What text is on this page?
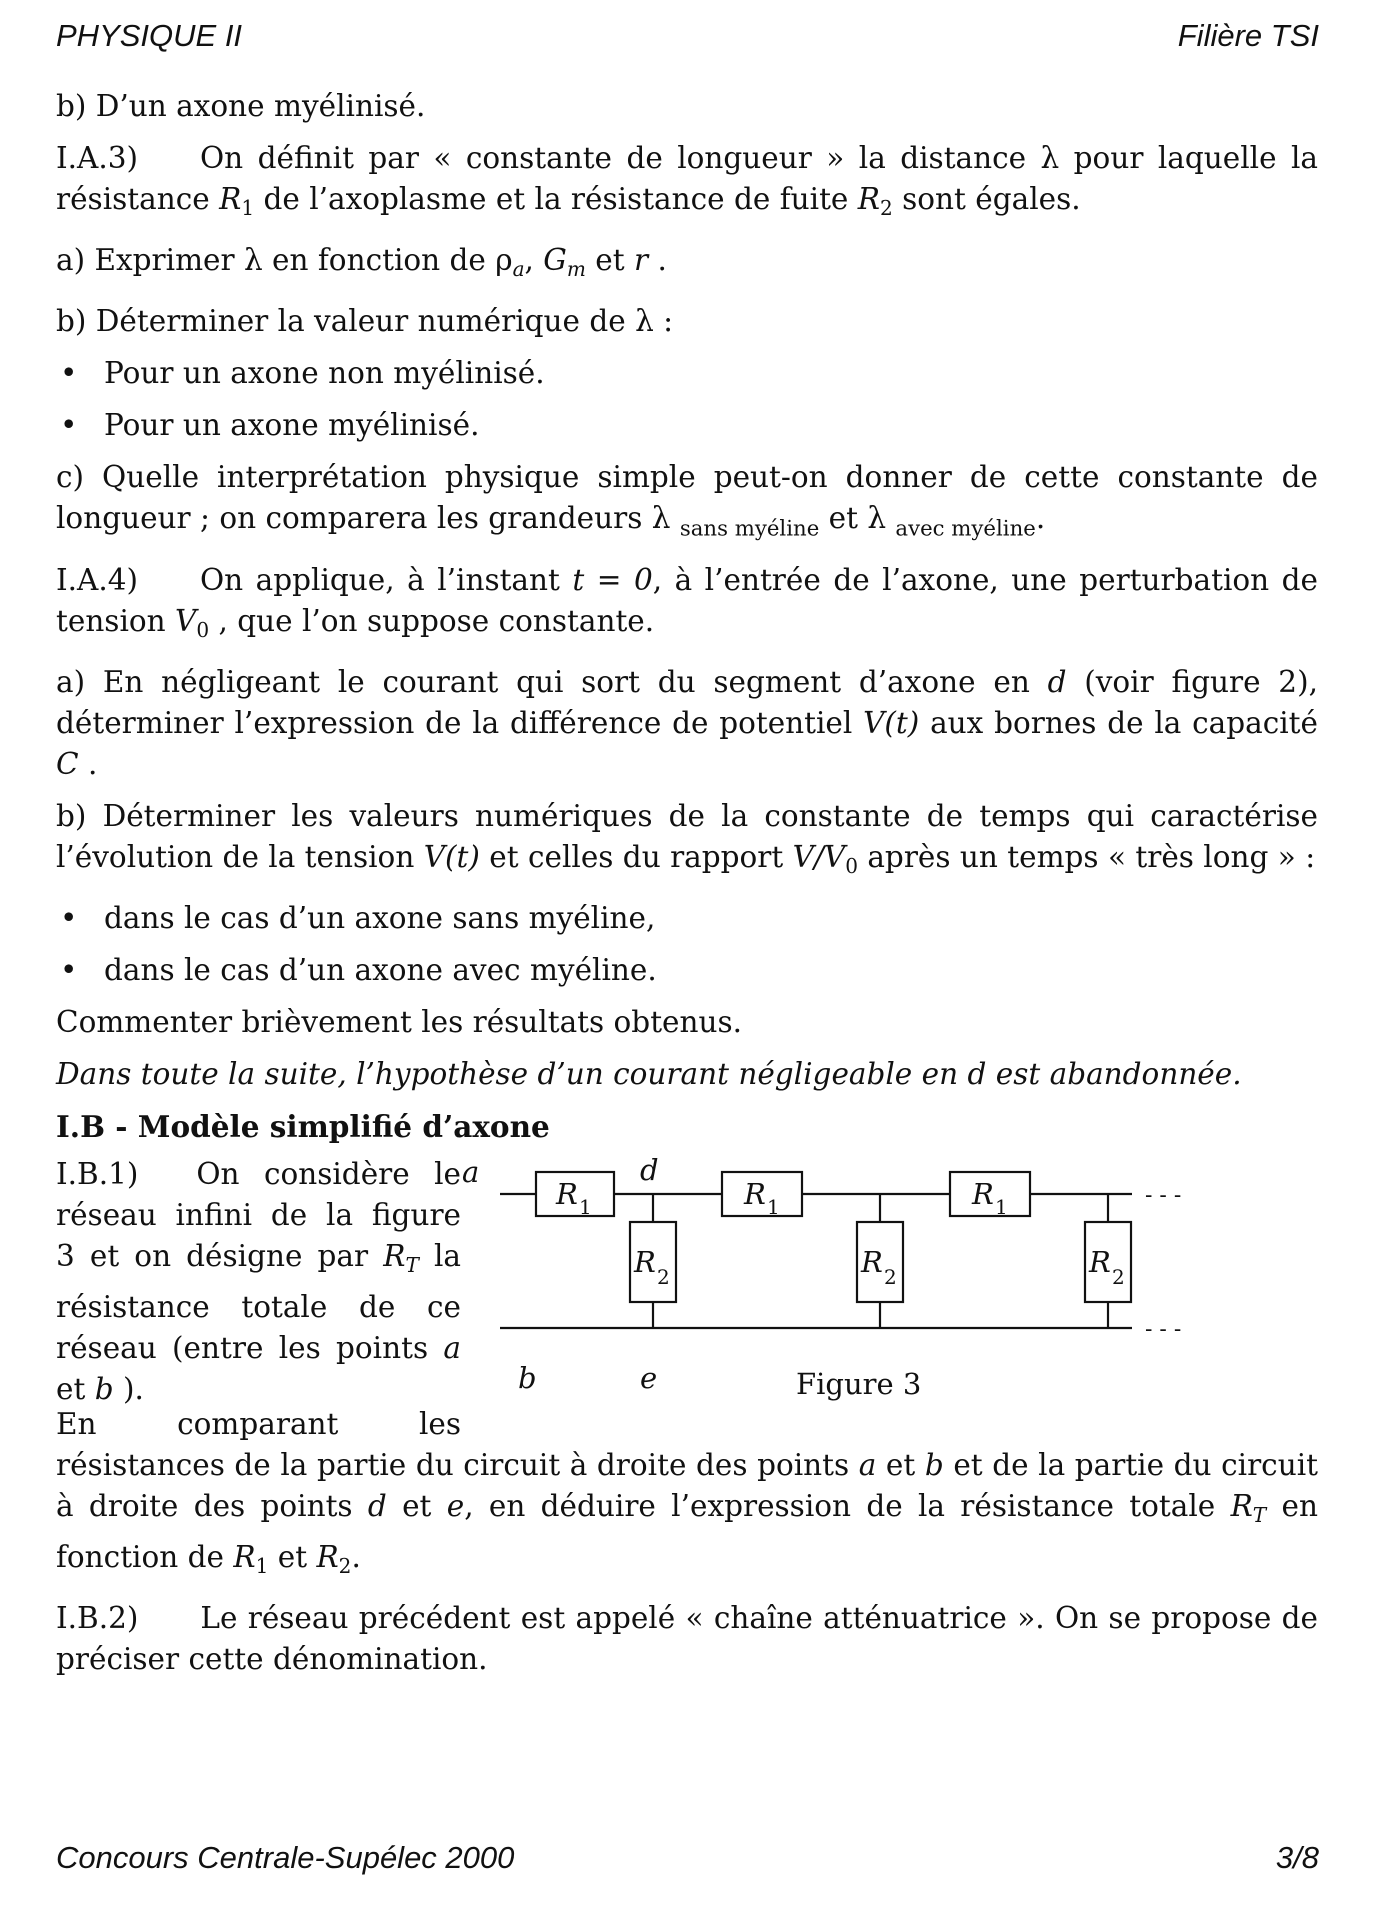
PHYSIQUE II	Filière TSI

b) D’un axone myélinisé.

I.A.3) On définit par « constante de longueur » la distance λ pour laquelle la résistance $R_1$ de l’axoplasme et la résistance de fuite $R_2$ sont égales.

a) Exprimer λ en fonction de $\rho_a$, $G_m$ et r .

b) Déterminer la valeur numérique de λ :

• Pour un axone non myélinisé.
• Pour un axone myélinisé.

c) Quelle interprétation physique simple peut-on donner de cette constante de longueur ; on comparera les grandeurs λ $_{sans myéline}$ et λ $_{avec myéline}$.

I.A.4) On applique, à l’instant t = 0, à l’entrée de l’axone, une perturbation de tension $V_0$ , que l’on suppose constante.

a) En négligeant le courant qui sort du segment d’axone en d (voir figure 2), déterminer l’expression de la différence de potentiel V(t) aux bornes de la capacité C .

b) Déterminer les valeurs numériques de la constante de temps qui caractérise l’évolution de la tension V(t) et celles du rapport $V/V_0$ après un temps « très long » :

• dans le cas d’un axone sans myéline,
• dans le cas d’un axone avec myéline.

Commenter brièvement les résultats obtenus.

Dans toute la suite, l’hypothèse d’un courant négligeable en d est abandonnée.

I.B - Modèle simplifié d’axone

I.B.1) On considère le
réseau infini de la figure
3 et on désigne par $R_T$ la
résistance totale de ce
réseau (entre les points a
et b ).	b
a	d
e
R 1	R 1	R 1
R 2	R 2	R 2
- - -
- - -
Figure 3

En comparant les

résistances de la partie du circuit à droite des points a et b et de la partie du circuit à droite des points d et e, en déduire l’expression de la résistance totale $R_T$ en fonction de $R_1$ et $R_2$.

I.B.2) Le réseau précédent est appelé « chaîne atténuatrice ». On se propose de préciser cette dénomination.

Concours Centrale-Supélec 2000	3/8
